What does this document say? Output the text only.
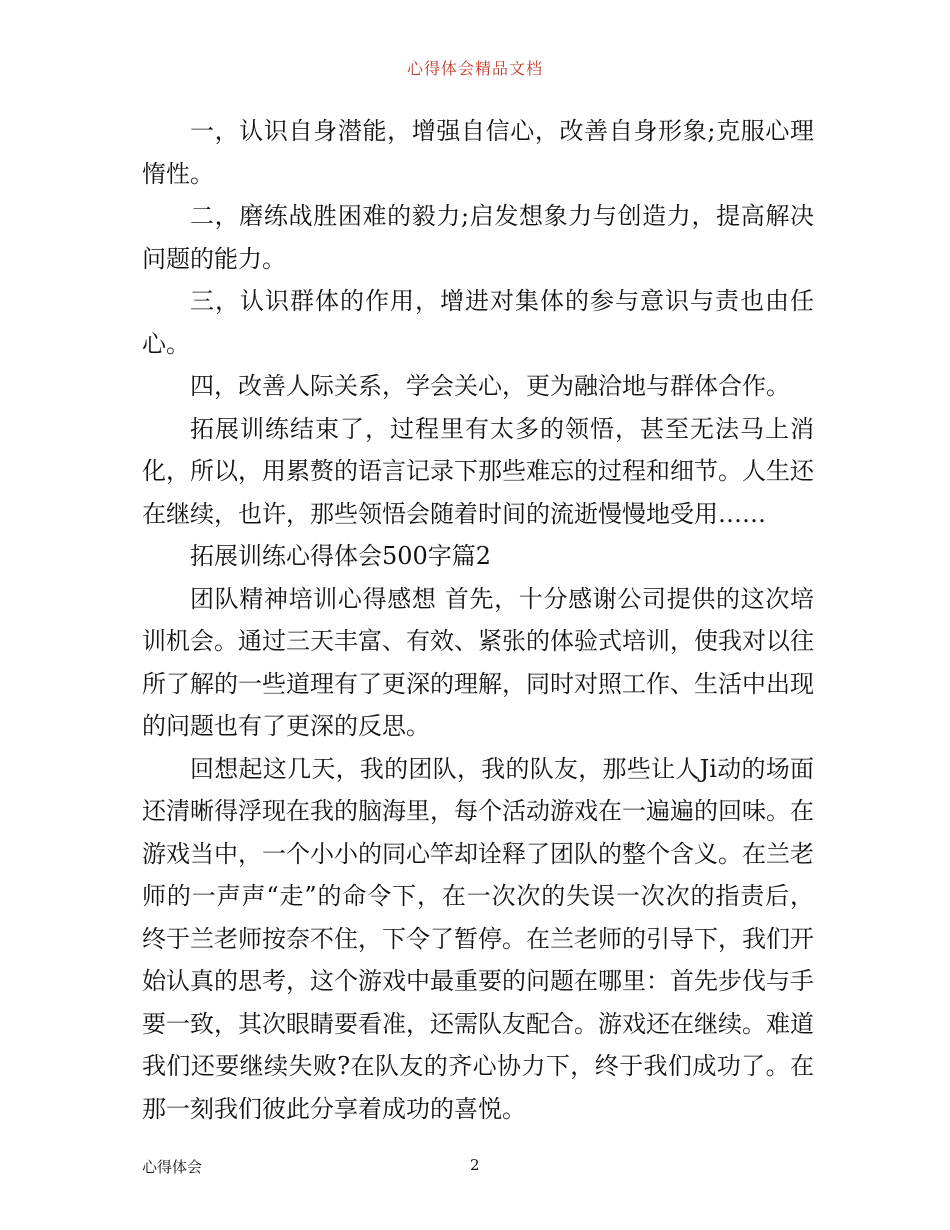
心得体会精品文档

一，认识自身潜能，增强自信心，改善自身形象;克服心理惰性。

二，磨练战胜困难的毅力;启发想象力与创造力，提高解决问题的能力。

三，认识群体的作用，增进对集体的参与意识与责也由任心。

四，改善人际关系，学会关心，更为融洽地与群体合作。

拓展训练结束了，过程里有太多的领悟，甚至无法马上消化，所以，用累赘的语言记录下那些难忘的过程和细节。人生还在继续，也许，那些领悟会随着时间的流逝慢慢地受用……

拓展训练心得体会500字篇2

团队精神培训心得感想 首先，十分感谢公司提供的这次培训机会。通过三天丰富、有效、紧张的体验式培训，使我对以往所了解的一些道理有了更深的理解，同时对照工作、生活中出现的问题也有了更深的反思。

回想起这几天，我的团队，我的队友，那些让人Ji动的场面还清晰得浮现在我的脑海里，每个活动游戏在一遍遍的回味。在游戏当中，一个小小的同心竿却诠释了团队的整个含义。在兰老师的一声声“走”的命令下，在一次次的失误一次次的指责后，终于兰老师按奈不住，下令了暂停。在兰老师的引导下，我们开始认真的思考，这个游戏中最重要的问题在哪里：首先步伐与手要一致，其次眼睛要看准，还需队友配合。游戏还在继续。难道我们还要继续失败?在队友的齐心协力下，终于我们成功了。在那一刻我们彼此分享着成功的喜悦。

心得体会	2
